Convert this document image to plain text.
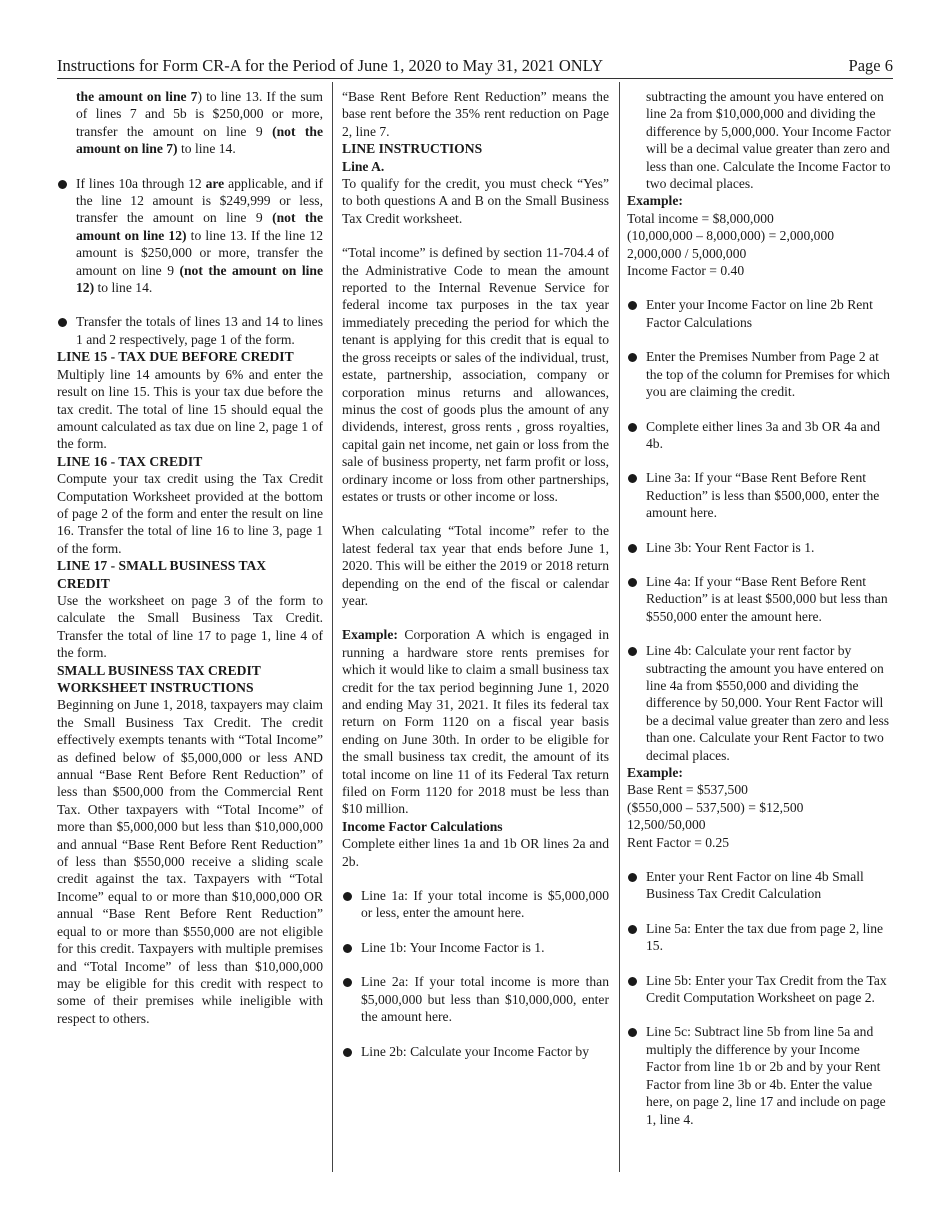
Instructions for Form CR-A for the Period of June 1, 2020 to May 31, 2021 ONLY	Page 6

the amount on line 7) to line 13. If the sum of lines 7 and 5b is $250,000 or more, transfer the amount on line 9 (not the amount on line 7) to line 14.

If lines 10a through 12 are applicable, and if the line 12 amount is $249,999 or less, transfer the amount on line 9 (not the amount on line 12) to line 13. If the line 12 amount is $250,000 or more, transfer the amount on line 9 (not the amount on line 12) to line 14.

Transfer the totals of lines 13 and 14 to lines 1 and 2 respectively, page 1 of the form.

LINE 15 - TAX DUE BEFORE CREDIT

Multiply line 14 amounts by 6% and enter the result on line 15. This is your tax due before the tax credit. The total of line 15 should equal the amount calculated as tax due on line 2, page 1 of the form.

LINE 16 - TAX CREDIT

Compute your tax credit using the Tax Credit Computation Worksheet provided at the bottom of page 2 of the form and enter the result on line 16. Transfer the total of line 16 to line 3, page 1 of the form.

LINE 17 - SMALL BUSINESS TAX
CREDIT

Use the worksheet on page 3 of the form to calculate the Small Business Tax Credit. Transfer the total of line 17 to page 1, line 4 of the form.

SMALL BUSINESS TAX CREDIT
WORKSHEET INSTRUCTIONS

Beginning on June 1, 2018, taxpayers may claim the Small Business Tax Credit. The credit effectively exempts tenants with “Total Income” as defined below of $5,000,000 or less AND annual “Base Rent Before Rent Reduction” of less than $500,000 from the Commercial Rent Tax. Other taxpayers with “Total Income” of more than $5,000,000 but less than $10,000,000 and annual “Base Rent Before Rent Reduction” of less than $550,000 receive a sliding scale credit against the tax. Taxpayers with “Total Income” equal to or more than $10,000,000 OR annual “Base Rent Before Rent Reduction” equal to or more than $550,000 are not eligible for this credit. Taxpayers with multiple premises and “Total Income” of less than $10,000,000 may be eligible for this credit with respect to some of their premises while ineligible with respect to others.

“Base Rent Before Rent Reduction” means the base rent before the 35% rent reduction on Page 2, line 7.

LINE INSTRUCTIONS

Line A.

To qualify for the credit, you must check “Yes” to both questions A and B on the Small Business Tax Credit worksheet.

“Total income” is defined by section 11-704.4 of the Administrative Code to mean the amount reported to the Internal Revenue Service for federal income tax purposes in the tax year immediately preceding the period for which the tenant is applying for this credit that is equal to the gross receipts or sales of the individual, trust, estate, partnership, association, company or corporation minus returns and allowances, minus the cost of goods plus the amount of any dividends, interest, gross rents , gross royalties, capital gain net income, net gain or loss from the sale of business property, net farm profit or loss, ordinary income or loss from other partnerships, estates or trusts or other income or loss.

When calculating “Total income” refer to the latest federal tax year that ends before June 1, 2020. This will be either the 2019 or 2018 return depending on the end of the fiscal or calendar year.

Example: Corporation A which is engaged in running a hardware store rents premises for which it would like to claim a small business tax credit for the tax period beginning June 1, 2020 and ending May 31, 2021. It files its federal tax return on Form 1120 on a fiscal year basis ending on June 30th. In order to be eligible for the small business tax credit, the amount of its total income on line 11 of its Federal Tax return filed on Form 1120 for 2018 must be less than $10 million.

Income Factor Calculations

Complete either lines 1a and 1b OR lines 2a and 2b.

Line 1a: If your total income is $5,000,000 or less, enter the amount here.

Line 1b: Your Income Factor is 1.

Line 2a: If your total income is more than $5,000,000 but less than $10,000,000, enter the amount here.

Line 2b: Calculate your Income Factor by

subtracting the amount you have entered on line 2a from $10,000,000 and dividing the difference by 5,000,000. Your Income Factor will be a decimal value greater than zero and less than one. Calculate the Income Factor to two decimal places.

Example:

Total income = $8,000,000
(10,000,000 – 8,000,000) = 2,000,000
2,000,000 / 5,000,000
Income Factor = 0.40

Enter your Income Factor on line 2b Rent Factor Calculations

Enter the Premises Number from Page 2 at the top of the column for Premises for which you are claiming the credit.

Complete either lines 3a and 3b OR 4a and 4b.

Line 3a: If your “Base Rent Before Rent Reduction” is less than $500,000, enter the amount here.

Line 3b: Your Rent Factor is 1.

Line 4a: If your “Base Rent Before Rent Reduction” is at least $500,000 but less than $550,000 enter the amount here.

Line 4b: Calculate your rent factor by subtracting the amount you have entered on line 4a from $550,000 and dividing the difference by 50,000. Your Rent Factor will be a decimal value greater than zero and less than one. Calculate your Rent Factor to two decimal places.

Example:

Base Rent = $537,500
($550,000 – 537,500) = $12,500
12,500/50,000
Rent Factor = 0.25

Enter your Rent Factor on line 4b Small Business Tax Credit Calculation

Line 5a: Enter the tax due from page 2, line 15.

Line 5b: Enter your Tax Credit from the Tax Credit Computation Worksheet on page 2.

Line 5c: Subtract line 5b from line 5a and multiply the difference by your Income Factor from line 1b or 2b and by your Rent Factor from line 3b or 4b. Enter the value here, on page 2, line 17 and include on page 1, line 4.
